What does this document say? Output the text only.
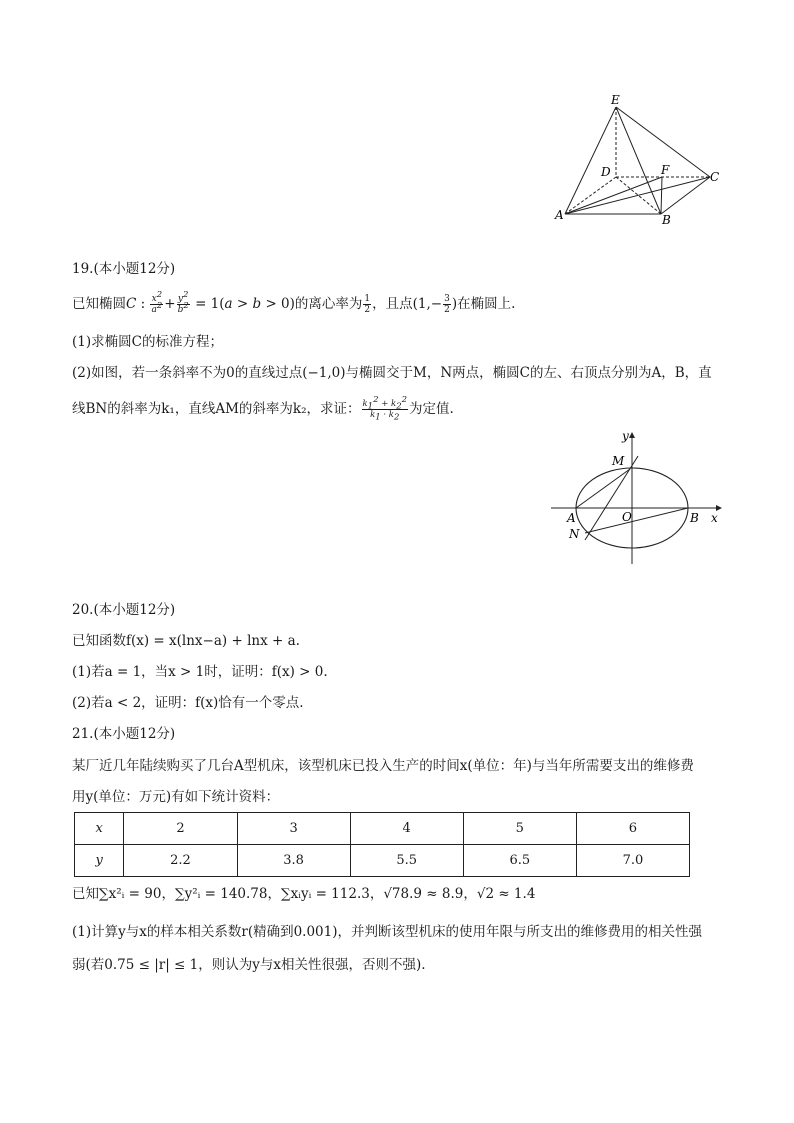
E
D	F	C
A	B
19.(本小题12分)
已知椭圆C : $\frac{x^2}{a^2} + \frac{y^2}{b^2} = 1(a > b > 0)$的离心率为 $\frac{1}{2}$ ，且点($1,- \frac{3}{2}$ )在椭圆上.
(1)求椭圆C的标准方程；
(2)如图，若一条斜率不为0的直线过点(−1,0)与椭圆交于M，N两点，椭圆C的左、右顶点分别为A，B，直
线BN的斜率为k₁，直线AM的斜率为k₂，求证： $\frac{k_1^2 + k_2^2}{k_1 \cdot k_2}$ 为定值.
y
x
M
A	O	B
N
20.(本小题12分)
已知函数f(x) = x(lnx−a) + lnx + a.
(1)若a = 1，当x > 1时，证明：f(x) > 0.
(2)若a < 2，证明：f(x)恰有一个零点.
21.(本小题12分)
某厂近几年陆续购买了几台A型机床，该型机床已投入生产的时间x(单位：年)与当年所需要支出的维修费
用y(单位：万元)有如下统计资料：
x	2	3	4	5	6
y	2.2	3.8	5.5	6.5	7.0
已知∑x²ᵢ = 90，∑y²ᵢ = 140.78，∑xᵢyᵢ = 112.3，√78.9 ≈ 8.9，√2 ≈ 1.4
(1)计算y与x的样本相关系数r(精确到0.001)，并判断该型机床的使用年限与所支出的维修费用的相关性强
弱(若0.75 ≤ |r| ≤ 1，则认为y与x相关性很强，否则不强).
